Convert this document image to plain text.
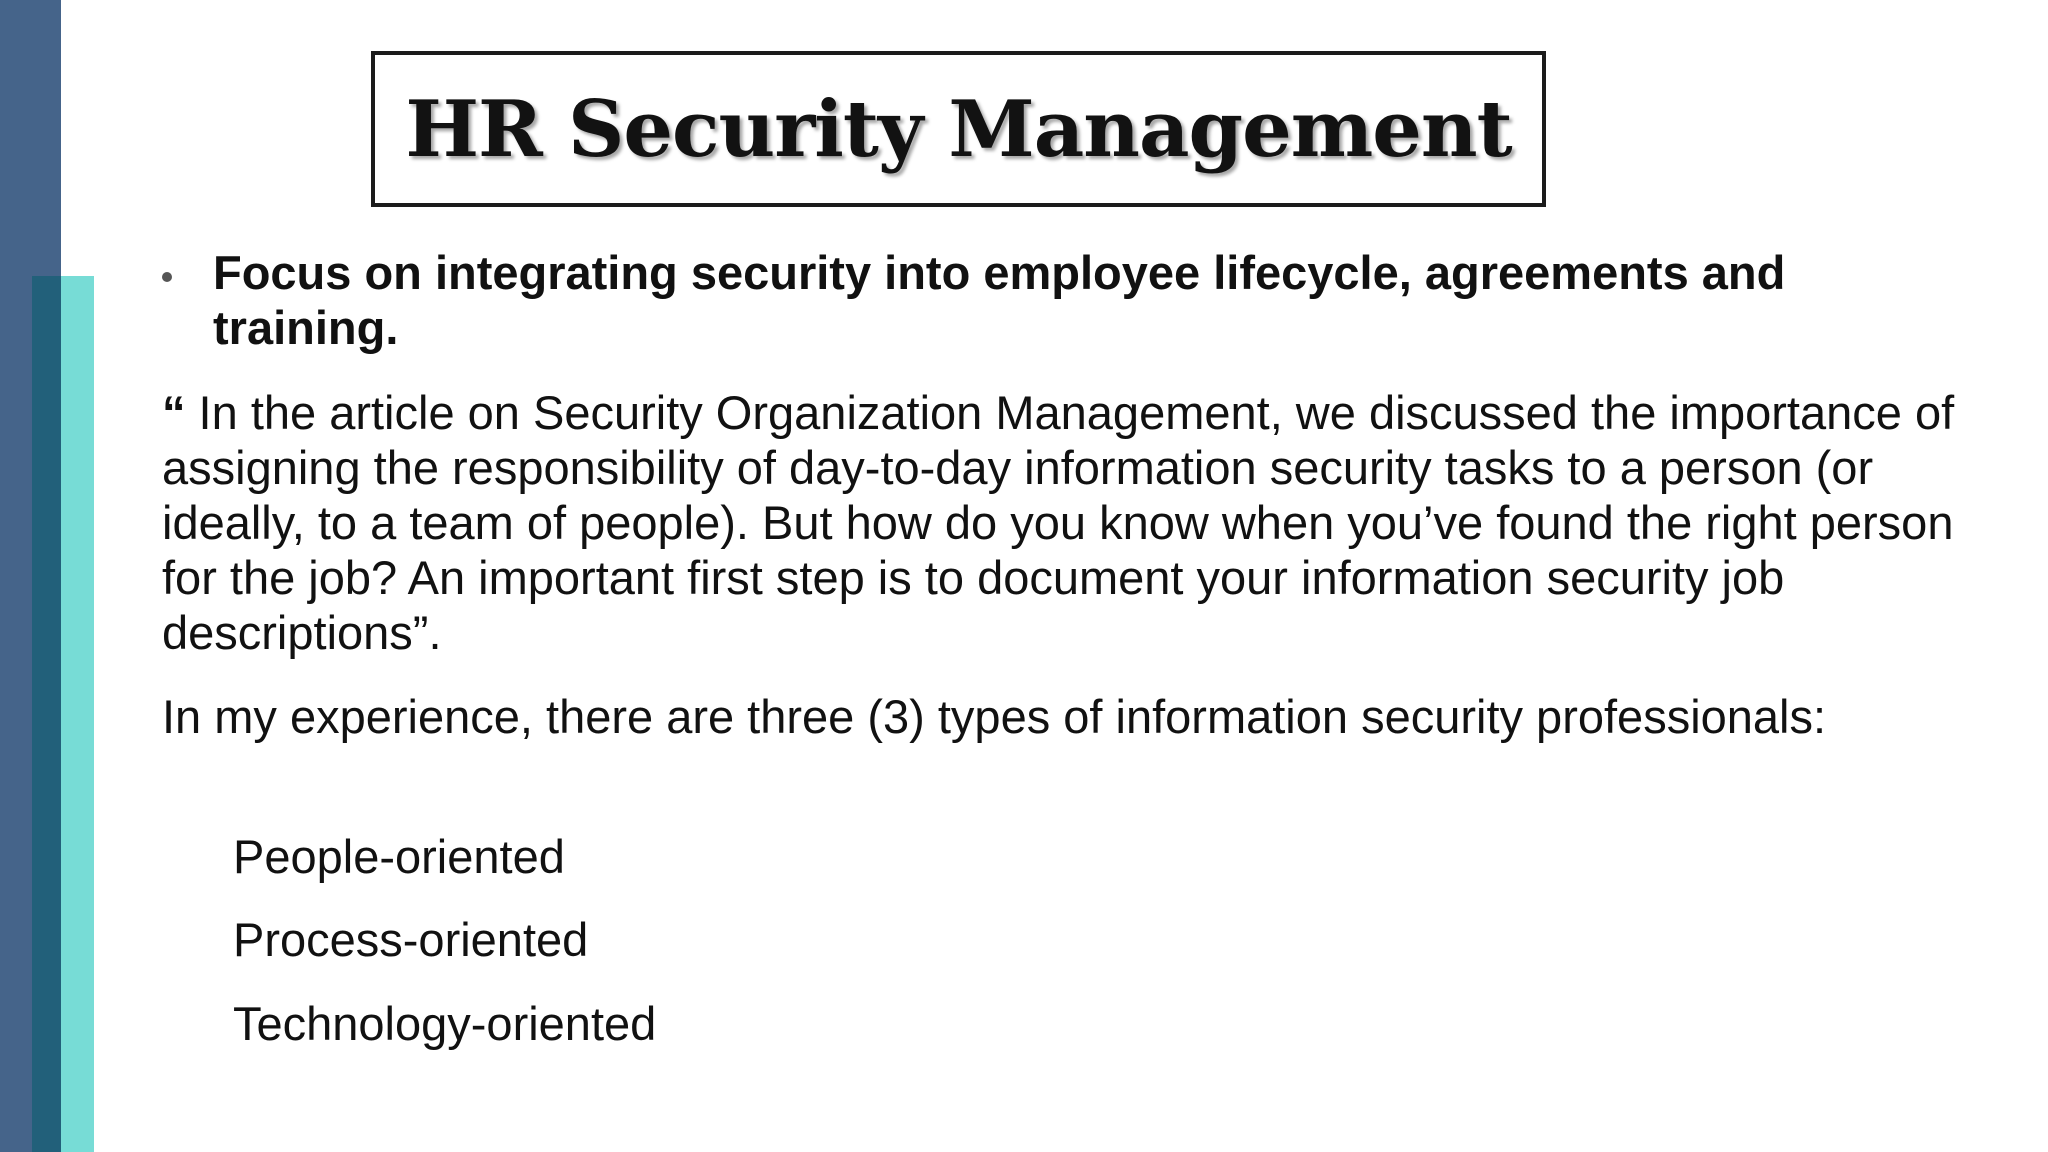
HR Security Management
Focus on integrating security into employee lifecycle, agreements and training.
“ In the article on Security Organization Management, we discussed the importance of assigning the responsibility of day-to-day information security tasks to a person (or ideally, to a team of people). But how do you know when you’ve found the right person for the job? An important first step is to document your information security job descriptions”.
In my experience, there are three (3) types of information security professionals:
People-oriented
Process-oriented
Technology-oriented
